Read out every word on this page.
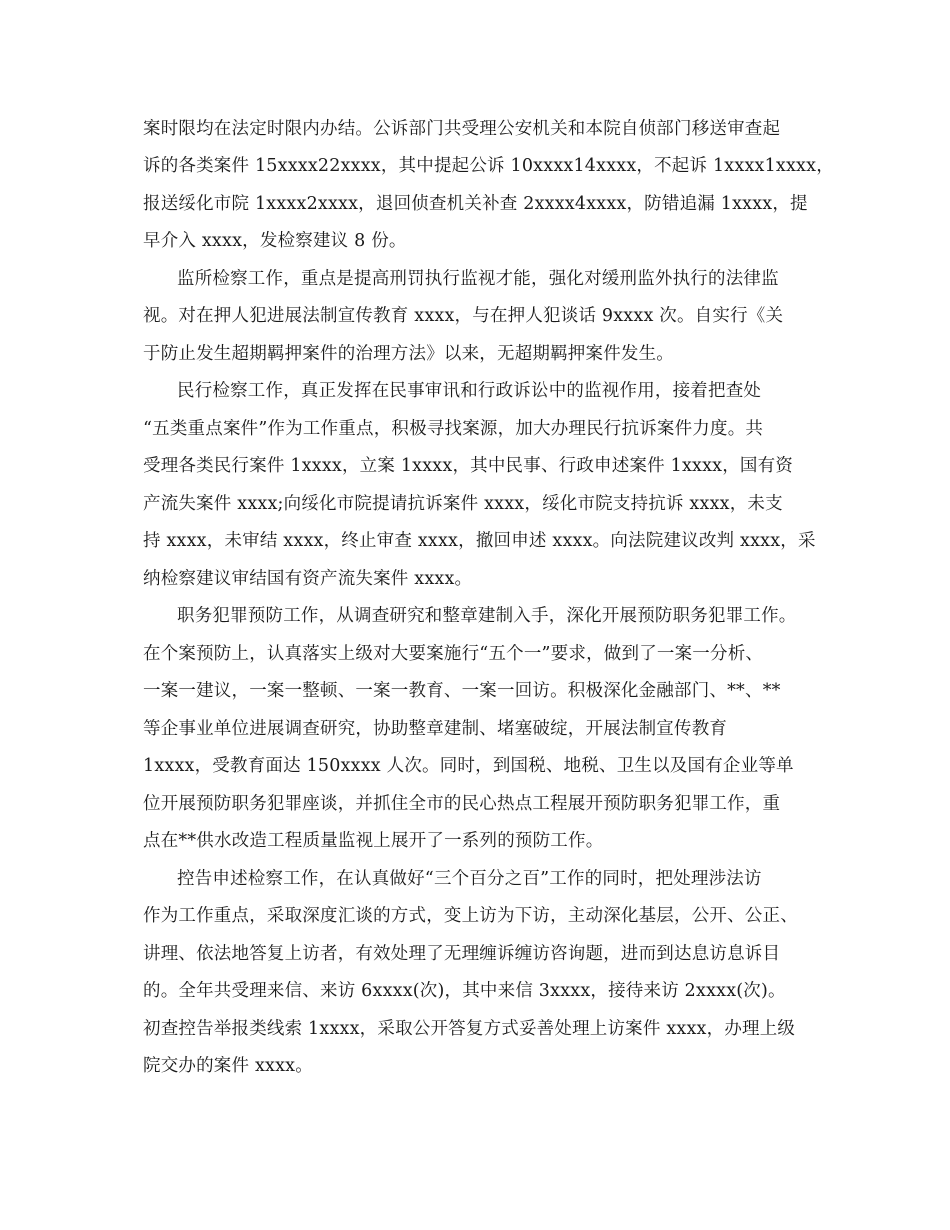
案时限均在法定时限内办结。公诉部门共受理公安机关和本院自侦部门移送审查起
诉的各类案件 15xxxx22xxxx，其中提起公诉 10xxxx14xxxx，不起诉 1xxxx1xxxx，
报送绥化市院 1xxxx2xxxx，退回侦查机关补查 2xxxx4xxxx，防错追漏 1xxxx，提
早介入 xxxx，发检察建议 8 份。
监所检察工作，重点是提高刑罚执行监视才能，强化对缓刑监外执行的法律监
视。对在押人犯进展法制宣传教育 xxxx，与在押人犯谈话 9xxxx 次。自实行《关
于防止发生超期羁押案件的治理方法》以来，无超期羁押案件发生。
民行检察工作，真正发挥在民事审讯和行政诉讼中的监视作用，接着把查处
“五类重点案件”作为工作重点，积极寻找案源，加大办理民行抗诉案件力度。共
受理各类民行案件 1xxxx，立案 1xxxx，其中民事、行政申述案件 1xxxx，国有资
产流失案件 xxxx;向绥化市院提请抗诉案件 xxxx，绥化市院支持抗诉 xxxx，未支
持 xxxx，未审结 xxxx，终止审查 xxxx，撤回申述 xxxx。向法院建议改判 xxxx，采
纳检察建议审结国有资产流失案件 xxxx。
职务犯罪预防工作，从调查研究和整章建制入手，深化开展预防职务犯罪工作。
在个案预防上，认真落实上级对大要案施行“五个一”要求，做到了一案一分析、
一案一建议，一案一整顿、一案一教育、一案一回访。积极深化金融部门、**、**
等企事业单位进展调查研究，协助整章建制、堵塞破绽，开展法制宣传教育
1xxxx，受教育面达 150xxxx 人次。同时，到国税、地税、卫生以及国有企业等单
位开展预防职务犯罪座谈，并抓住全市的民心热点工程展开预防职务犯罪工作，重
点在**供水改造工程质量监视上展开了一系列的预防工作。
控告申述检察工作，在认真做好“三个百分之百”工作的同时，把处理涉法访
作为工作重点，采取深度汇谈的方式，变上访为下访，主动深化基层，公开、公正、
讲理、依法地答复上访者，有效处理了无理缠诉缠访咨询题，进而到达息访息诉目
的。全年共受理来信、来访 6xxxx(次)，其中来信 3xxxx，接待来访 2xxxx(次)。
初查控告举报类线索 1xxxx，采取公开答复方式妥善处理上访案件 xxxx，办理上级
院交办的案件 xxxx。
